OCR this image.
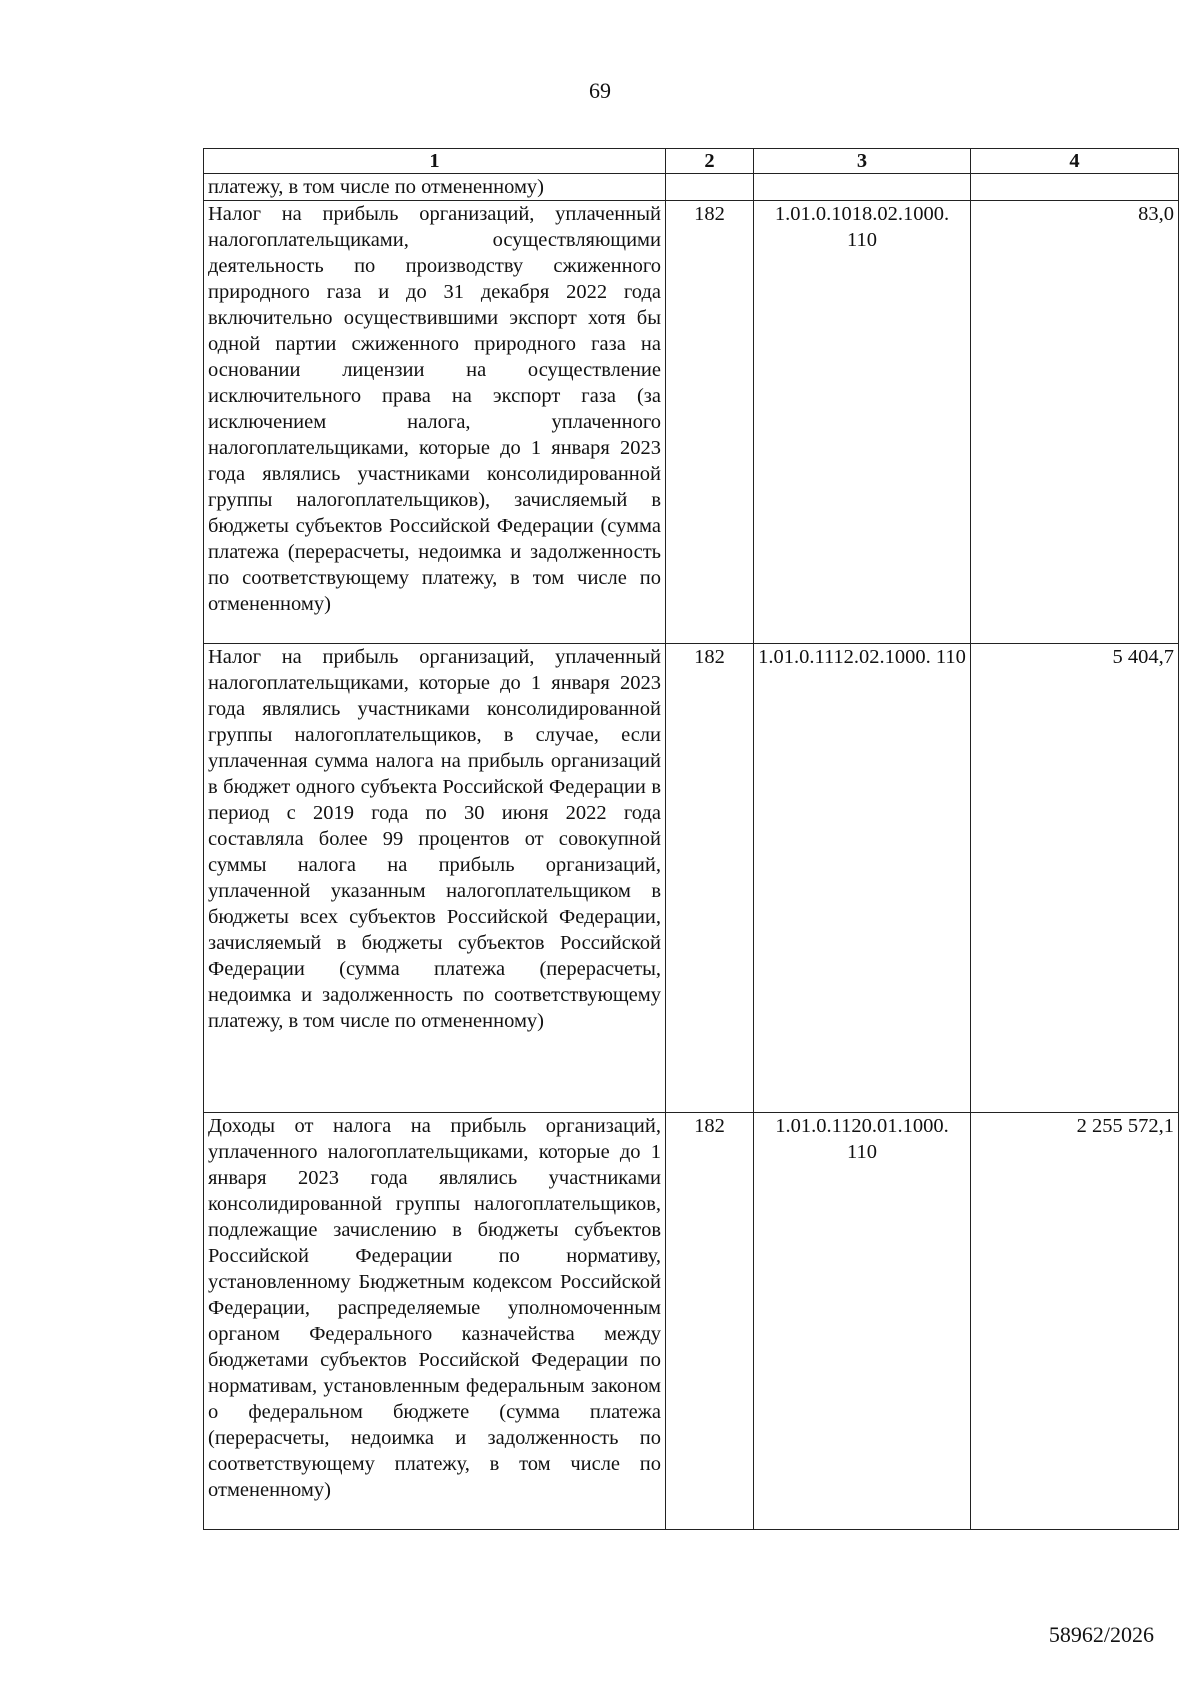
69
1	2	3	4
платежу, в том числе по отмененному)			
Налог на прибыль организаций, уплаченный налогоплательщиками, осуществляющими деятельность по производству сжиженного природного газа и до 31 декабря 2022 года включительно осуществившими экспорт хотя бы одной партии сжиженного природного газа на основании лицензии на осуществление исключительного права на экспорт газа (за исключением налога, уплаченного налогоплательщиками, которые до 1 января 2023 года являлись участниками консолидированной группы налогоплательщиков), зачисляемый в бюджеты субъектов Российской Федерации (сумма платежа (перерасчеты, недоимка и задолженность по соответствующему платежу, в том числе по отмененному)	182	1.01.0.1018.02.1000. 110	83,0
Налог на прибыль организаций, уплаченный налогоплательщиками, которые до 1 января 2023 года являлись участниками консолидированной группы налогоплательщиков, в случае, если уплаченная сумма налога на прибыль организаций в бюджет одного субъекта Российской Федерации в период с 2019 года по 30 июня 2022 года составляла более 99 процентов от совокупной суммы налога на прибыль организаций, уплаченной указанным налогоплательщиком в бюджеты всех субъектов Российской Федерации, зачисляемый в бюджеты субъектов Российской Федерации (сумма платежа (перерасчеты, недоимка и задолженность по соответствующему платежу, в том числе по отмененному)	182	1.01.0.1112.02.1000. 110	5 404,7
Доходы от налога на прибыль организаций, уплаченного налогоплательщиками, которые до 1 января 2023 года являлись участниками консолидированной группы налогоплательщиков, подлежащие зачислению в бюджеты субъектов Российской Федерации по нормативу, установленному Бюджетным кодексом Российской Федерации, распределяемые уполномоченным органом Федерального казначейства между бюджетами субъектов Российской Федерации по нормативам, установленным федеральным законом о федеральном бюджете (сумма платежа (перерасчеты, недоимка и задолженность по соответствующему платежу, в том числе по отмененному)	182	1.01.0.1120.01.1000. 110	2 255 572,1
58962/2026
